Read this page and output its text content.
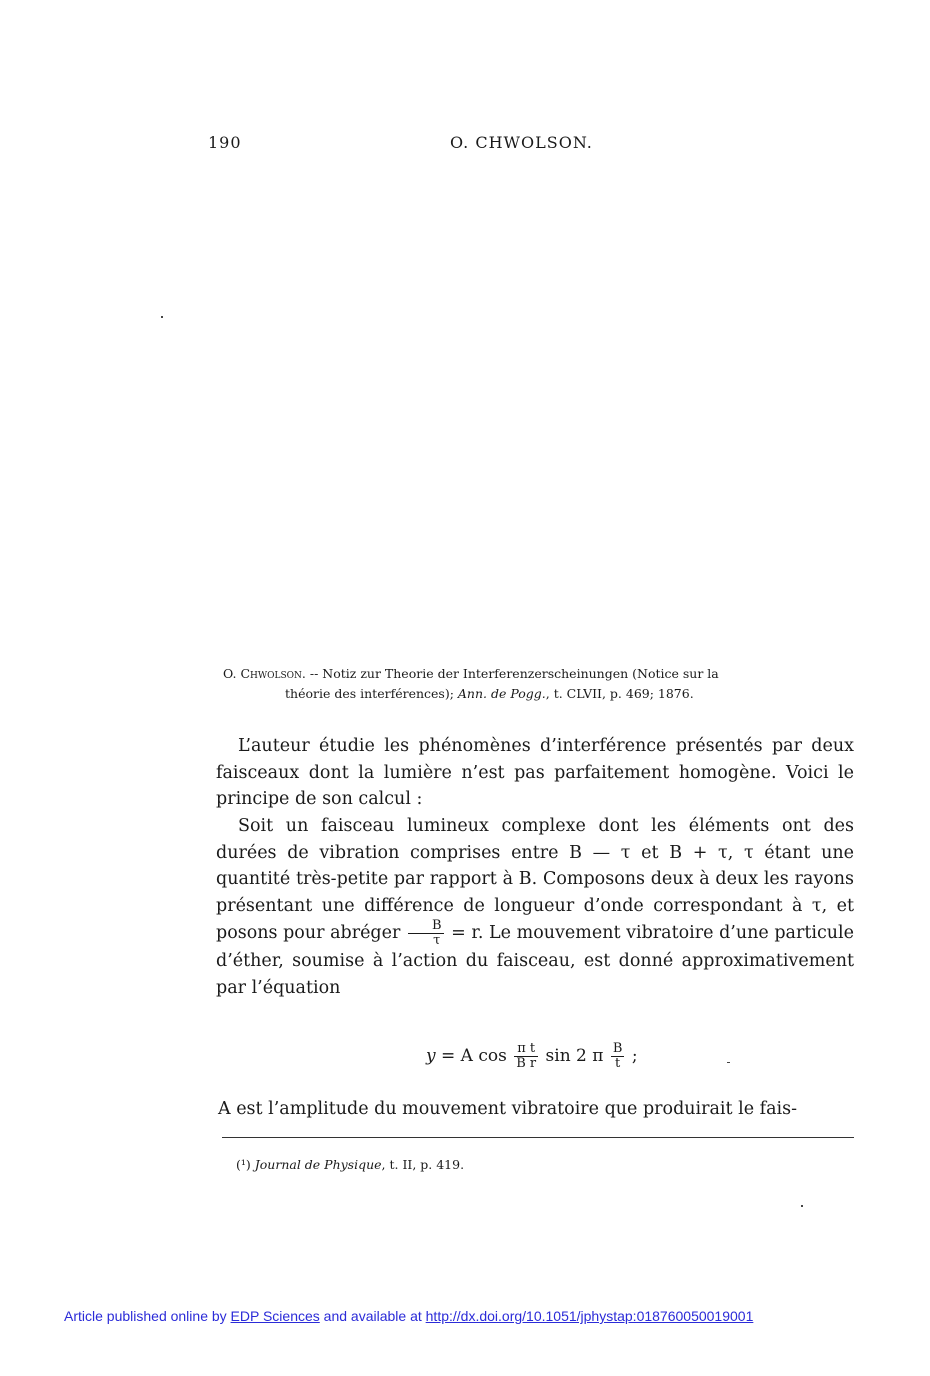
190	O. CHWOLSON.
O. Chwolson. -- Notiz zur Theorie der Interferenzerscheinungen (Notice sur la
théorie des interférences); Ann. de Pogg., t. CLVII, p. 469; 1876.

L’auteur étudie les phénomènes d’interférence présentés par deux faisceaux dont la lumière n’est pas parfaitement homogène. Voici le principe de son calcul :

Soit un faisceau lumineux complexe dont les éléments ont des durées de vibration comprises entre B — τ et B + τ, τ étant une quantité très-petite par rapport à B. Composons deux à deux les rayons présentant une différence de longueur d’onde correspondant à τ, et posons pour abréger $\frac{B}{\tau} = r$. Le mouvement vibratoire d’une particule d’éther, soumise à l’action du faisceau, est donné approximativement par l’équation

y = A $\cos \frac{\text{π t}}{\text{B r}}$ sin 2 π $\frac{B}{t}$ ;
A est l’amplitude du mouvement vibratoire que produirait le fais-
(¹) Journal de Physique, t. II, p. 419.
Article published online by EDP Sciences and available at http://dx.doi.org/10.1051/jphystap:018760050019001
